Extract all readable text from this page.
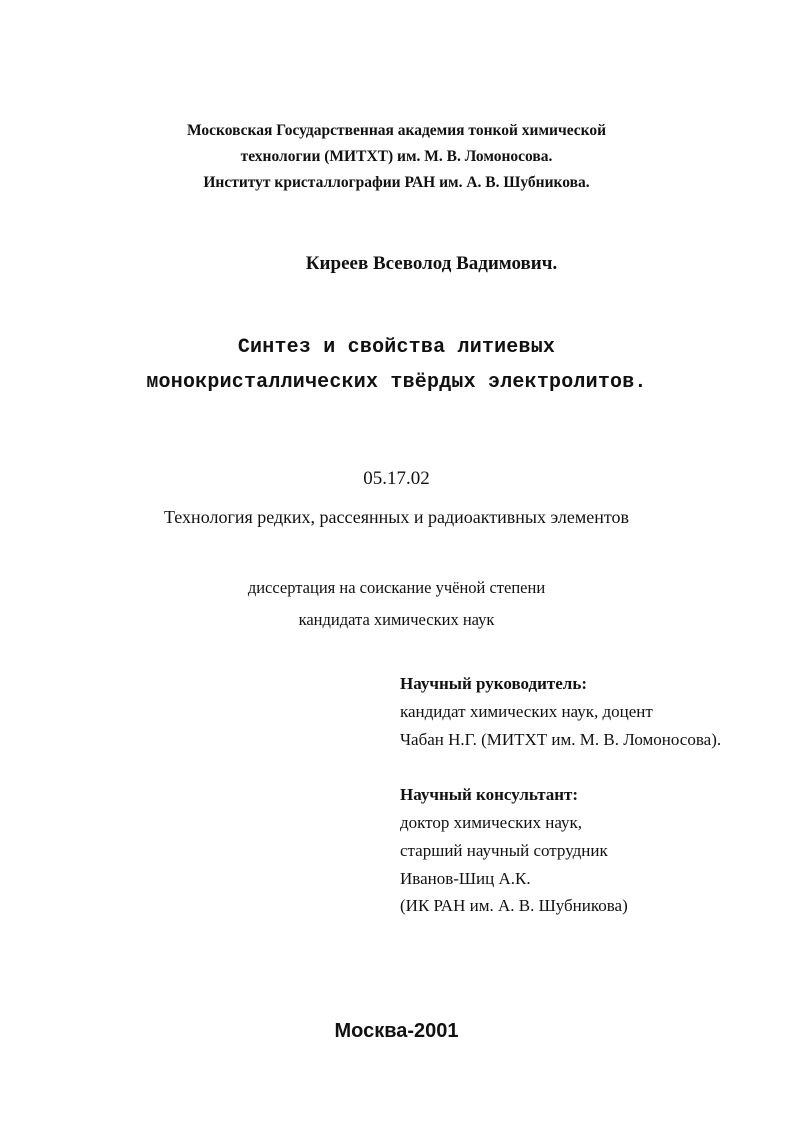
Московская Государственная академия тонкой химической
технологии (МИТХТ) им. М. В. Ломоносова.
Институт кристаллографии РАН им. А. В. Шубникова.
Киреев Всеволод Вадимович.
Синтез и свойства литиевых
монокристаллических твёрдых электролитов.
05.17.02
Технология редких, рассеянных и радиоактивных элементов
диссертация на соискание учёной степени
кандидата химических наук
Научный руководитель:
кандидат химических наук, доцент
Чабан Н.Г. (МИТХТ им. М. В. Ломоносова).
Научный консультант:
доктор химических наук,
старший научный сотрудник
Иванов-Шиц А.К.
(ИК РАН им. А. В. Шубникова)
Москва-2001
